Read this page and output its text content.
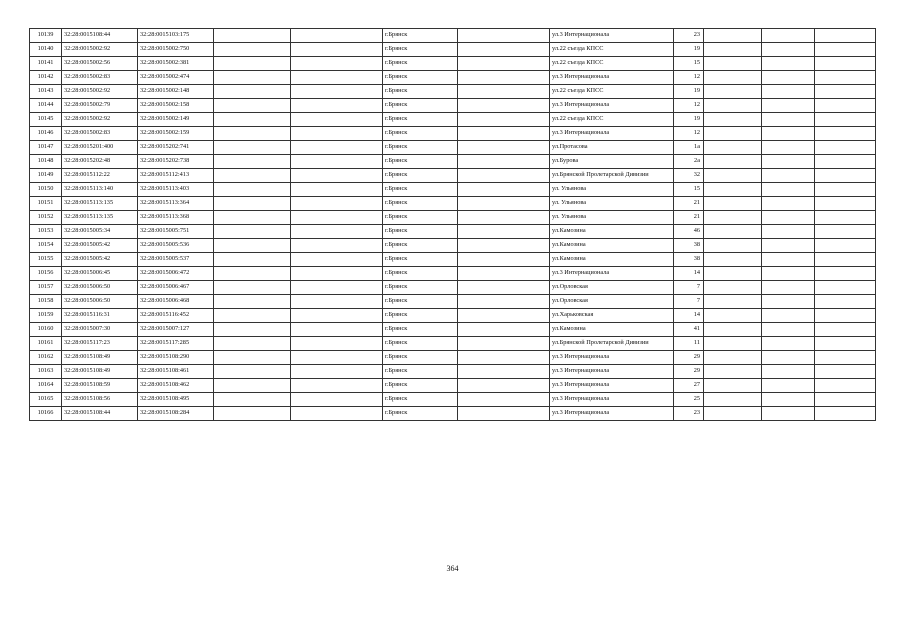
10139	32:28:0015108:44	32:28:0015103:175			г.Брянск		ул.3 Интернационала	23			
10140	32:28:0015002:92	32:28:0015002:750			г.Брянск		ул.22 съезда КПСС	19			
10141	32:28:0015002:56	32:28:0015002:381			г.Брянск		ул.22 съезда КПСС	15			
10142	32:28:0015002:83	32:28:0015002:474			г.Брянск		ул.3 Интернационала	12			
10143	32:28:0015002:92	32:28:0015002:148			г.Брянск		ул.22 съезда КПСС	19			
10144	32:28:0015002:79	32:28:0015002:158			г.Брянск		ул.3 Интернационала	12			
10145	32:28:0015002:92	32:28:0015002:149			г.Брянск		ул.22 съезда КПСС	19			
10146	32:28:0015002:83	32:28:0015002:159			г.Брянск		ул.3 Интернационала	12			
10147	32:28:0015201:400	32:28:0015202:741			г.Брянск		ул.Протасова	1а			
10148	32:28:0015202:48	32:28:0015202:738			г.Брянск		ул.Бурова	2а			
10149	32:28:0015112:22	32:28:0015112:413			г.Брянск		ул.Брянской Пролетарской Дивизии	32			
10150	32:28:0015113:140	32:28:0015113:403			г.Брянск		ул. Ульянова	15			
10151	32:28:0015113:135	32:28:0015113:364			г.Брянск		ул. Ульянова	21			
10152	32:28:0015113:135	32:28:0015113:368			г.Брянск		ул. Ульянова	21			
10153	32:28:0015005:34	32:28:0015005:751			г.Брянск		ул.Камозина	46			
10154	32:28:0015005:42	32:28:0015005:536			г.Брянск		ул.Камозина	38			
10155	32:28:0015005:42	32:28:0015005:537			г.Брянск		ул.Камозина	38			
10156	32:28:0015006:45	32:28:0015006:472			г.Брянск		ул.3 Интернационала	14			
10157	32:28:0015006:50	32:28:0015006:467			г.Брянск		ул.Орловская	7			
10158	32:28:0015006:50	32:28:0015006:468			г.Брянск		ул.Орловская	7			
10159	32:28:0015116:31	32:28:0015116:452			г.Брянск		ул.Харьковская	14			
10160	32:28:0015007:30	32:28:0015007:127			г.Брянск		ул.Камозина	41			
10161	32:28:0015117:23	32:28:0015117:285			г.Брянск		ул.Брянской Пролетарской Дивизии	11			
10162	32:28:0015108:49	32:28:0015108:290			г.Брянск		ул.3 Интернационала	29			
10163	32:28:0015108:49	32:28:0015108:461			г.Брянск		ул.3 Интернационала	29			
10164	32:28:0015108:59	32:28:0015108:462			г.Брянск		ул.3 Интернационала	27			
10165	32:28:0015108:56	32:28:0015108:495			г.Брянск		ул.3 Интернационала	25			
10166	32:28:0015108:44	32:28:0015108:284			г.Брянск		ул.3 Интернационала	23			
364
